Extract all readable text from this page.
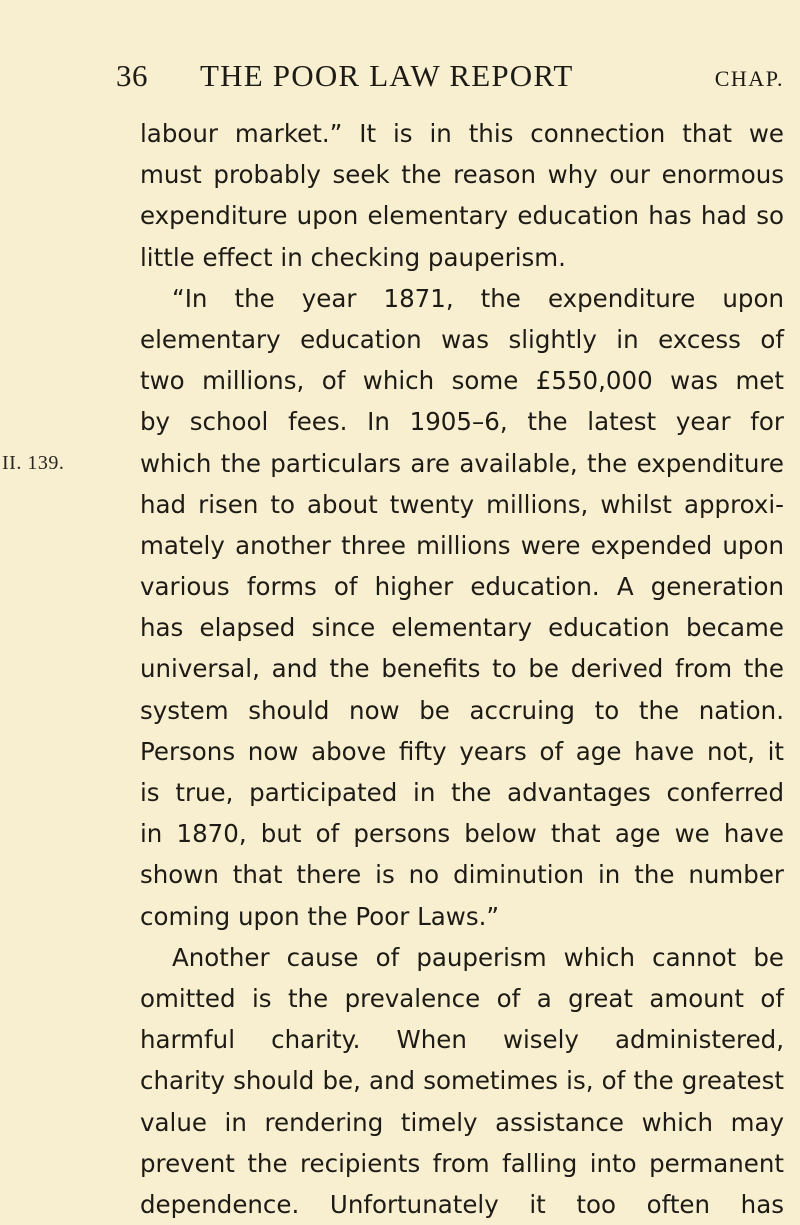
36 THE POOR LAW REPORT	CHAP.
II. 139.
labour market.” It is in this connection that we
must probably seek the reason why our enormous
expenditure upon elementary education has had so
little effect in checking pauperism.
“In the year 1871, the expenditure upon
elementary education was slightly in excess of
two millions, of which some £550,000 was met
by school fees. In 1905–6, the latest year for
which the particulars are available, the expenditure
had risen to about twenty millions, whilst approxi-
mately another three millions were expended upon
various forms of higher education. A generation
has elapsed since elementary education became
universal, and the benefits to be derived from the
system should now be accruing to the nation.
Persons now above fifty years of age have not, it
is true, participated in the advantages conferred
in 1870, but of persons below that age we have
shown that there is no diminution in the number
coming upon the Poor Laws.”
Another cause of pauperism which cannot be
omitted is the prevalence of a great amount of
harmful charity. When wisely administered,
charity should be, and sometimes is, of the greatest
value in rendering timely assistance which may
prevent the recipients from falling into permanent
dependence. Unfortunately it too often has
